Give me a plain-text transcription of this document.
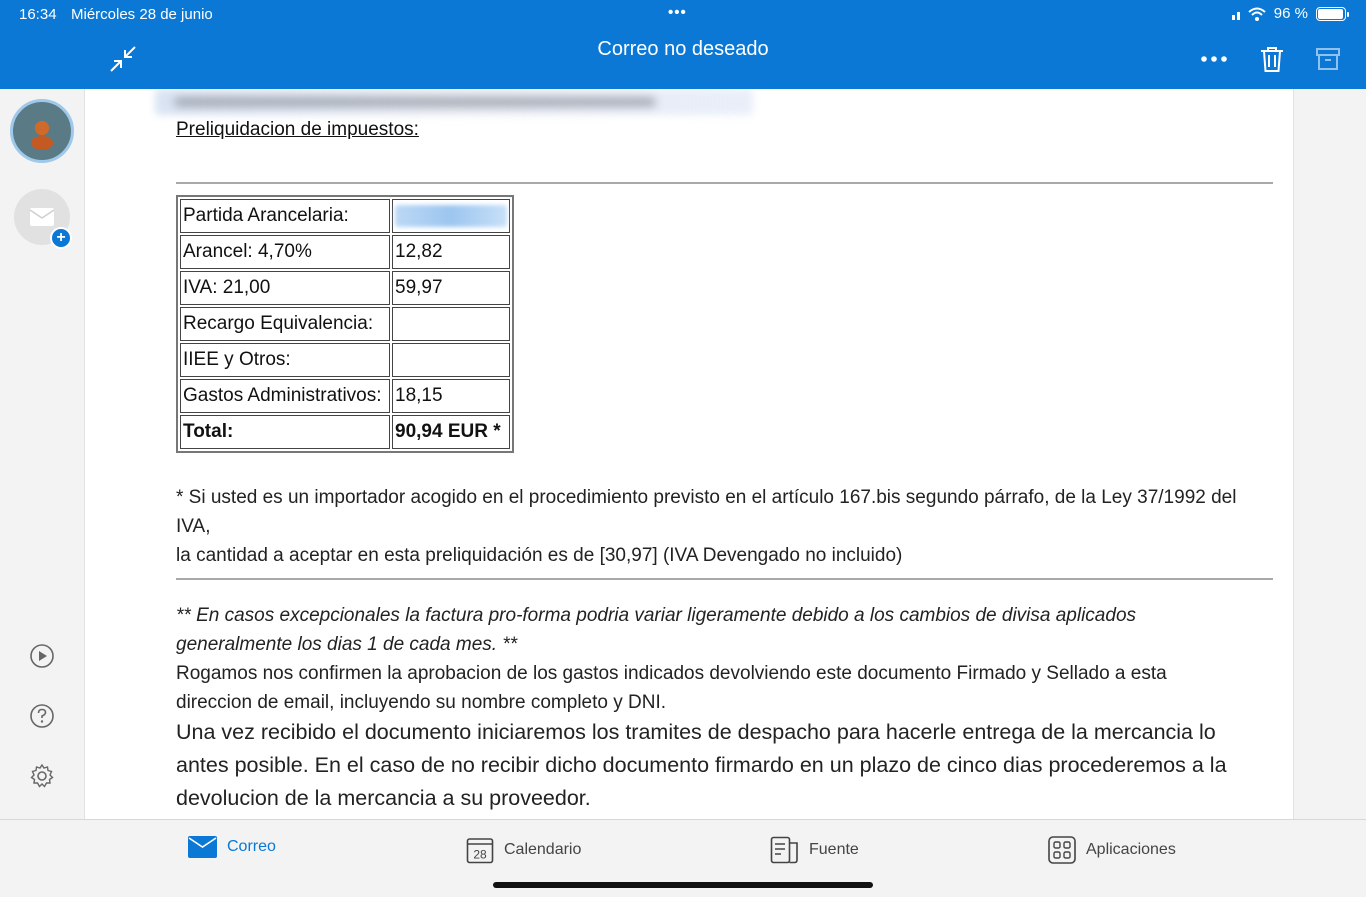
16:34 Miércoles 28 de junio	•••	96 %
Correo no deseado
+
Preliquidacion de impuestos:
Partida Arancelaria:	
Arancel: 4,70%	12,82
IVA: 21,00	59,97
Recargo Equivalencia:	
IIEE y Otros:	
Gastos Administrativos:	18,15
Total:	90,94 EUR *
* Si usted es un importador acogido en el procedimiento previsto en el artículo 167.bis segundo párrafo, de la Ley 37/1992 del
IVA,
la cantidad a aceptar en esta preliquidación es de [30,97] (IVA Devengado no incluido)
** En casos excepcionales la factura pro-forma podria variar ligeramente debido a los cambios de divisa aplicados
generalmente los dias 1 de cada mes. **
Rogamos nos confirmen la aprobacion de los gastos indicados devolviendo este documento Firmado y Sellado a esta
direccion de email, incluyendo su nombre completo y DNI.
Una vez recibido el documento iniciaremos los tramites de despacho para hacerle entrega de la mercancia lo
antes posible. En el caso de no recibir dicho documento firmardo en un plazo de cinco dias procederemos a la
devolucion de la mercancia a su proveedor.
Correo	28 Calendario	Fuente	Aplicaciones
